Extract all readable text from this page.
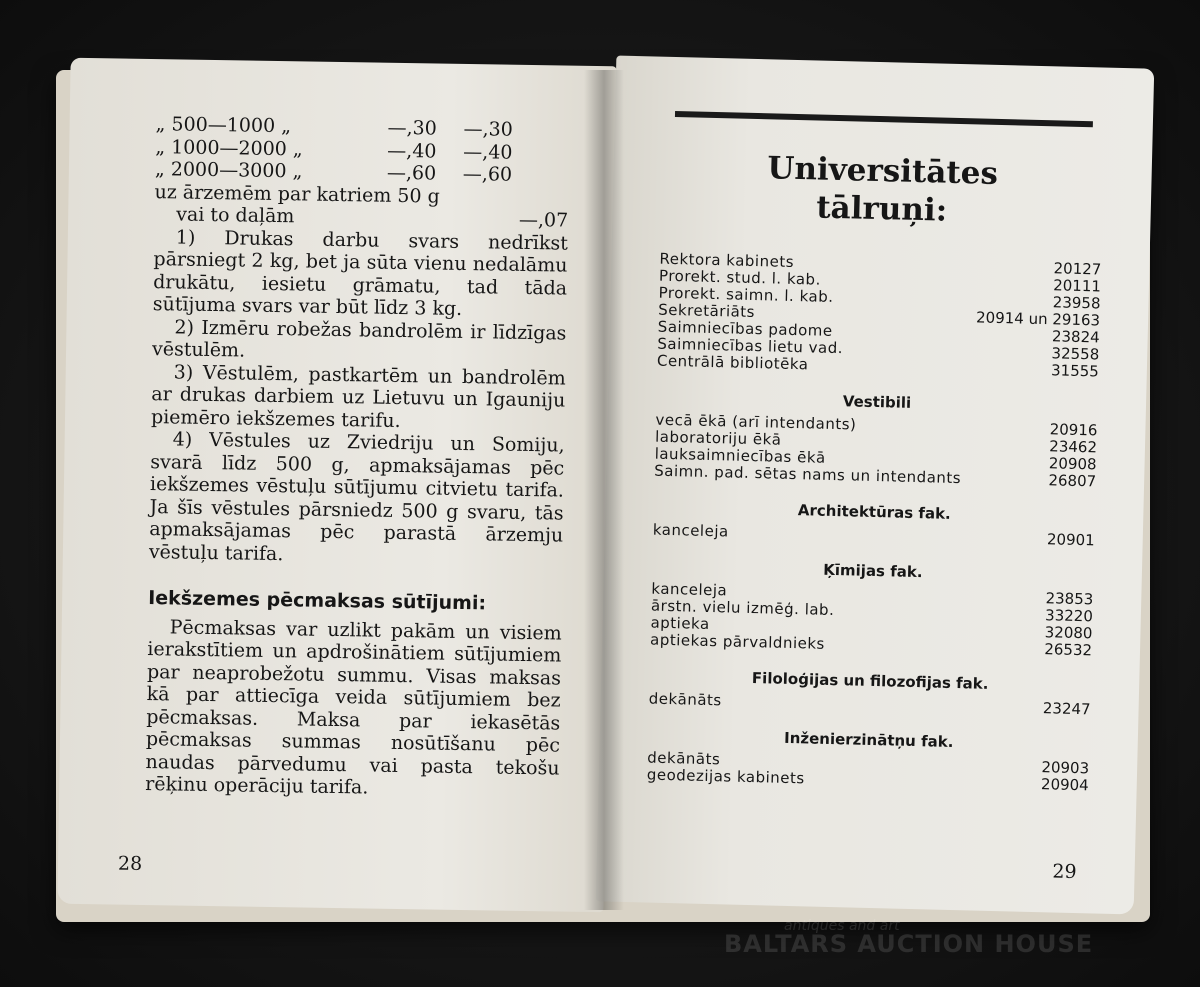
„ 500—1000 „	—,30	—,30
„ 1000—2000 „	—,40	—,40
„ 2000—3000 „	—,60	—,60
uz ārzemēm par katriem 50 g
vai to daļām	—,07

1) Drukas darbu svars nedrīkst pārsniegt 2 kg, bet ja sūta vienu nedalāmu drukātu, iesietu grāmatu, tad tāda sūtījuma svars var būt līdz 3 kg.

2) Izmēru robežas bandrolēm ir līdzīgas vēstulēm.

3) Vēstulēm, pastkartēm un bandrolēm ar drukas darbiem uz Lietuvu un Igauniju piemēro iekšzemes tarifu.

4) Vēstules uz Zviedriju un Somiju, svarā līdz 500 g, apmaksājamas pēc iekšzemes vēstuļu sūtījumu citvietu tarifa. Ja šīs vēstules pārsniedz 500 g svaru, tās apmaksājamas pēc parastā ārzemju vēstuļu tarifa.

Iekšzemes pēcmaksas sūtījumi:

Pēcmaksas var uzlikt pakām un visiem ierakstītiem un apdrošinātiem sūtījumiem par neaprobežotu summu. Visas maksas kā par attiecīga veida sūtījumiem bez pēcmaksas. Maksa par iekasētās pēcmaksas summas nosūtīšanu pēc naudas pārvedumu vai pasta tekošu rēķinu operāciju tarifa.

28
Universitātes
tālruņi:
Rektora kabinets	20127
Prorekt. stud. l. kab.	20111
Prorekt. saimn. l. kab.	23958
Sekretāriāts	20914 un 29163
Saimniecības padome	23824
Saimniecības lietu vad.	32558
Centrālā bibliotēka	31555
Vestibili
vecā ēkā (arī intendants)	20916
laboratoriju ēkā	23462
lauksaimniecības ēkā	20908
Saimn. pad. sētas nams un intendants	26807
Architektūras fak.
kanceleja	20901
Ķīmijas fak.
kanceleja	23853
ārstn. vielu izmēģ. lab.	33220
aptieka	32080
aptiekas pārvaldnieks	26532
Filoloģijas un filozofijas fak.
dekānāts	23247
Inženierzinātņu fak.
dekānāts	20903
geodezijas kabinets	20904
29
